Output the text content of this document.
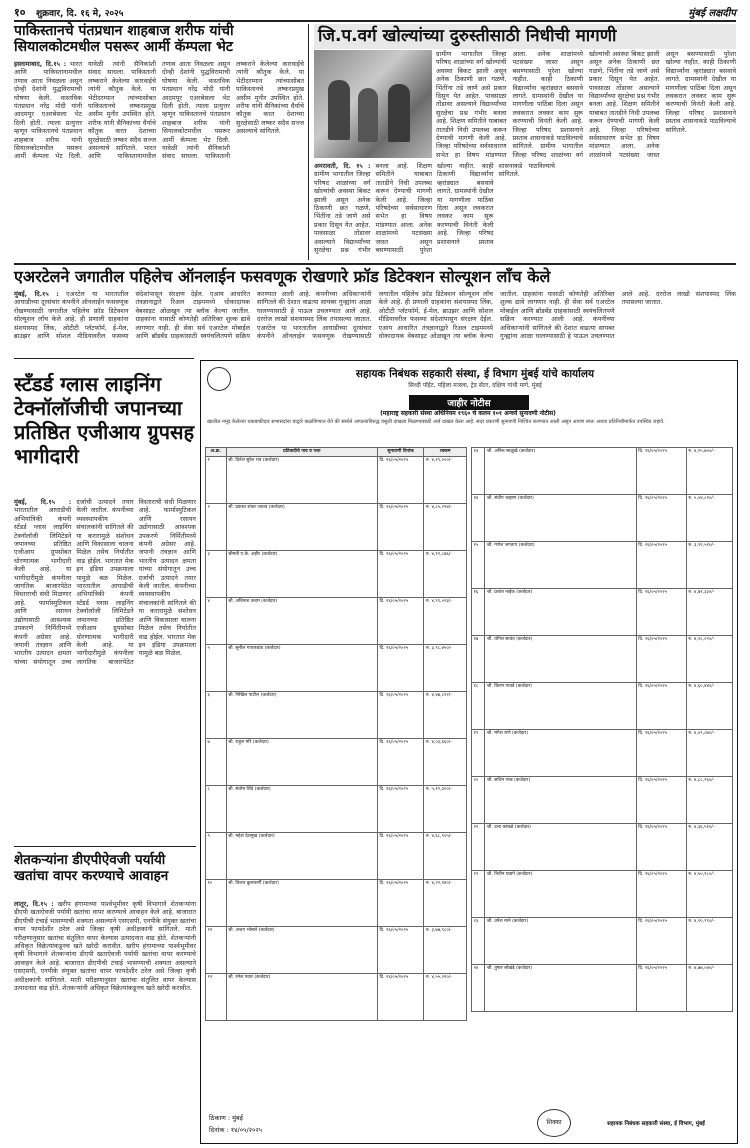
१० शुक्रवार, दि. १६ मे, २०२५	मुंबई लक्षदीप
पाकिस्तानचे पंतप्रधान शाहबाज शरीफ यांची सियालकोटमधील पसरूर आर्मी कॅम्पला भेट
इस्लामाबाद, दि.१५ : भारत आणि पाकिस्तानामधील तणाव आता निवळला असून दोन्ही देशांनी युद्धविरामाची घोषणा केली. वास्तविक पंतप्रधान नरेंद्र मोदी यांनी आदमपूर एअरबेसला भेट दिली होती. त्याला प्रत्युत्तर म्हणून पाकिस्तानचे पंतप्रधान शाहबाज शरीफ यांनी सियालकोटमधील पसरूर आर्मी कॅम्पला भेट दिली. यावेळी त्यांनी सैनिकांशी संवाद साधला. पाकिस्तानी लष्कराने केलेल्या कारवाईचे त्यांनी कौतुक केले. या भेटीदरम्यान त्यांच्यासोबत पाकिस्तानचे लष्करप्रमुख असीम मुनीर उपस्थित होते. शरीफ यांनी सैनिकांच्या धैर्याचे कौतुक करत देशाच्या सुरक्षेसाठी लष्कर सदैव सज्ज असल्याचे सांगितले. भारत आणि पाकिस्तानामधील तणाव आता निवळला असून दोन्ही देशांनी युद्धविरामाची घोषणा केली. वास्तविक पंतप्रधान नरेंद्र मोदी यांनी आदमपूर एअरबेसला भेट दिली होती. त्याला प्रत्युत्तर म्हणून पाकिस्तानचे पंतप्रधान शाहबाज शरीफ यांनी सियालकोटमधील पसरूर आर्मी कॅम्पला भेट दिली. यावेळी त्यांनी सैनिकांशी संवाद साधला. पाकिस्तानी लष्कराने केलेल्या कारवाईचे त्यांनी कौतुक केले. या भेटीदरम्यान त्यांच्यासोबत पाकिस्तानचे लष्करप्रमुख असीम मुनीर उपस्थित होते. शरीफ यांनी सैनिकांच्या धैर्याचे कौतुक करत देशाच्या सुरक्षेसाठी लष्कर सदैव सज्ज असल्याचे सांगितले.
जि.प.वर्ग खोल्यांच्या दुरुस्तीसाठी निधीची मागणी
ग्रामीण भागातील जिल्हा परिषद शाळांच्या वर्ग खोल्यांची अवस्था बिकट झाली असून अनेक ठिकाणी छत गळणे, भिंतींना तडे जाणे असे प्रकार दिसून येत आहेत. पावसाळा तोंडावर असल्याने विद्यार्थ्यांच्या सुरक्षेचा प्रश्न गंभीर बनला आहे. शिक्षण समितीने याबाबत तातडीने निधी उपलब्ध करून देण्याची मागणी केली आहे. जिल्हा परिषदेच्या सर्वसाधारण सभेत हा विषय मांडण्यात आला. अनेक शाळांमध्ये पटसंख्या जास्त असून बसण्यासाठी पुरेशा खोल्या नाहीत. काही ठिकाणी विद्यार्थ्यांना व्हरांड्यात बसवावे लागते. ग्रामस्थांनी देखील या मागणीला पाठिंबा दिला असून लवकरात लवकर काम सुरू करण्याची विनंती केली आहे. जिल्हा परिषद प्रशासनाने प्रस्ताव शासनाकडे पाठविल्याचे सांगितले. ग्रामीण भागातील जिल्हा परिषद शाळांच्या वर्ग खोल्यांची अवस्था बिकट झाली असून अनेक ठिकाणी छत गळणे, भिंतींना तडे जाणे असे प्रकार दिसून येत आहेत. पावसाळा तोंडावर असल्याने विद्यार्थ्यांच्या सुरक्षेचा प्रश्न गंभीर बनला आहे. शिक्षण समितीने याबाबत तातडीने निधी उपलब्ध करून देण्याची मागणी केली आहे. जिल्हा परिषदेच्या सर्वसाधारण सभेत हा विषय मांडण्यात आला. अनेक शाळांमध्ये पटसंख्या जास्त असून बसण्यासाठी पुरेशा खोल्या नाहीत. काही ठिकाणी विद्यार्थ्यांना व्हरांड्यात बसवावे लागते. ग्रामस्थांनी देखील या मागणीला पाठिंबा दिला असून लवकरात लवकर काम सुरू करण्याची विनंती केली आहे. जिल्हा परिषद प्रशासनाने प्रस्ताव शासनाकडे पाठविल्याचे सांगितले.
अमरावती, दि. १५ : ग्रामीण भागातील जिल्हा परिषद शाळांच्या वर्ग खोल्यांची अवस्था बिकट झाली असून अनेक ठिकाणी छत गळणे, भिंतींना तडे जाणे असे प्रकार दिसून येत आहेत. पावसाळा तोंडावर असल्याने विद्यार्थ्यांच्या सुरक्षेचा प्रश्न गंभीर बनला आहे. शिक्षण समितीने याबाबत तातडीने निधी उपलब्ध करून देण्याची मागणी केली आहे. जिल्हा परिषदेच्या सर्वसाधारण सभेत हा विषय मांडण्यात आला. अनेक शाळांमध्ये पटसंख्या जास्त असून बसण्यासाठी पुरेशा खोल्या नाहीत. काही ठिकाणी विद्यार्थ्यांना व्हरांड्यात बसवावे लागते. ग्रामस्थांनी देखील या मागणीला पाठिंबा दिला असून लवकरात लवकर काम सुरू करण्याची विनंती केली आहे. जिल्हा परिषद प्रशासनाने प्रस्ताव शासनाकडे पाठविल्याचे सांगितले.
एअरटेलने जगातील पहिलेच ऑनलाईन फसवणूक रोखणारे फ्रॉड डिटेक्शन सोल्यूशन लाँच केले
मुंबई, दि.१५ : एअरटेल या भारतातील आघाडीच्या दूरसंचार कंपनीने ऑनलाईन फसवणूक रोखण्यासाठी जगातील पहिलेच फ्रॉड डिटेक्शन सोल्यूशन लाँच केले आहे. ही प्रणाली ग्राहकांना संशयास्पद लिंक, ओटीटी प्लॅटफॉर्म, ई-मेल, ब्राउझर आणि सोशल मीडियावरील फसव्या संदेशांपासून संरक्षण देईल. एआय आधारित तंत्रज्ञानाद्वारे रिअल टाइममध्ये धोकादायक वेबसाइट ओळखून त्या ब्लॉक केल्या जातील. ग्राहकांना यासाठी कोणतेही अतिरिक्त शुल्क द्यावे लागणार नाही. ही सेवा सर्व एअरटेल मोबाईल आणि ब्रॉडबँड ग्राहकांसाठी स्वयंचलितपणे सक्रिय करण्यात आली आहे. कंपनीच्या अधिकाऱ्यांनी सांगितले की देशात वाढत्या सायबर गुन्ह्यांना आळा घालण्यासाठी हे पाऊल उचलण्यात आले आहे. दररोज लाखो संशयास्पद लिंक तपासल्या जातात. एअरटेल या भारतातील आघाडीच्या दूरसंचार कंपनीने ऑनलाईन फसवणूक रोखण्यासाठी जगातील पहिलेच फ्रॉड डिटेक्शन सोल्यूशन लाँच केले आहे. ही प्रणाली ग्राहकांना संशयास्पद लिंक, ओटीटी प्लॅटफॉर्म, ई-मेल, ब्राउझर आणि सोशल मीडियावरील फसव्या संदेशांपासून संरक्षण देईल. एआय आधारित तंत्रज्ञानाद्वारे रिअल टाइममध्ये धोकादायक वेबसाइट ओळखून त्या ब्लॉक केल्या जातील. ग्राहकांना यासाठी कोणतेही अतिरिक्त शुल्क द्यावे लागणार नाही. ही सेवा सर्व एअरटेल मोबाईल आणि ब्रॉडबँड ग्राहकांसाठी स्वयंचलितपणे सक्रिय करण्यात आली आहे. कंपनीच्या अधिकाऱ्यांनी सांगितले की देशात वाढत्या सायबर गुन्ह्यांना आळा घालण्यासाठी हे पाऊल उचलण्यात आले आहे. दररोज लाखो संशयास्पद लिंक तपासल्या जातात.
स्टँडर्ड ग्लास लाइनिंग टेक्नॉलॉजीची जपानच्या प्रतिष्ठित एजीआय ग्रुपसह भागीदारी
मुंबई, दि.१५ : भारतातील आघाडीची अभियांत्रिकी कंपनी स्टँडर्ड ग्लास लाइनिंग टेक्नॉलॉजी लिमिटेडने जपानच्या प्रतिष्ठित एजीआय ग्रुपसोबत धोरणात्मक भागीदारी केली आहे. या भागीदारीमुळे कंपनीला जागतिक बाजारपेठेत विस्ताराची संधी मिळणार आहे. फार्मास्युटिकल आणि रसायन उद्योगासाठी आवश्यक उपकरणे निर्मितीमध्ये कंपनी अग्रेसर आहे. जपानी तंत्रज्ञान आणि भारतीय उत्पादन क्षमता यांच्या संयोगातून उच्च दर्जाची उत्पादने तयार केली जातील. कंपनीच्या व्यवस्थापकीय संचालकांनी सांगितले की या करारामुळे संशोधन आणि विकासाला चालना मिळेल तसेच निर्यातीत वाढ होईल. भारतात मेक इन इंडिया उपक्रमाला यामुळे बळ मिळेल. भारतातील आघाडीची अभियांत्रिकी कंपनी स्टँडर्ड ग्लास लाइनिंग टेक्नॉलॉजी लिमिटेडने जपानच्या प्रतिष्ठित एजीआय ग्रुपसोबत धोरणात्मक भागीदारी केली आहे. या भागीदारीमुळे कंपनीला जागतिक बाजारपेठेत विस्ताराची संधी मिळणार आहे. फार्मास्युटिकल आणि रसायन उद्योगासाठी आवश्यक उपकरणे निर्मितीमध्ये कंपनी अग्रेसर आहे. जपानी तंत्रज्ञान आणि भारतीय उत्पादन क्षमता यांच्या संयोगातून उच्च दर्जाची उत्पादने तयार केली जातील. कंपनीच्या व्यवस्थापकीय संचालकांनी सांगितले की या करारामुळे संशोधन आणि विकासाला चालना मिळेल तसेच निर्यातीत वाढ होईल. भारतात मेक इन इंडिया उपक्रमाला यामुळे बळ मिळेल.
शेतकऱ्यांना डीएपीऐवजी पर्यायी खतांचा वापर करण्याचे आवाहन
लातूर, दि.१५ : खरीप हंगामाच्या पार्श्वभूमीवर कृषी विभागाने शेतकऱ्यांना डीएपी खताऐवजी पर्यायी खतांचा वापर करण्याचे आवाहन केले आहे. बाजारात डीएपीची टंचाई भासण्याची शक्यता असल्याने एसएसपी, एनपीके संयुक्त खतांचा वापर फायदेशीर ठरेल असे जिल्हा कृषी अधीक्षकांनी सांगितले. माती परीक्षणानुसार खतांचा संतुलित वापर केल्यास उत्पादनात वाढ होते. शेतकऱ्यांनी अधिकृत विक्रेत्यांकडूनच खते खरेदी करावीत. खरीप हंगामाच्या पार्श्वभूमीवर कृषी विभागाने शेतकऱ्यांना डीएपी खताऐवजी पर्यायी खतांचा वापर करण्याचे आवाहन केले आहे. बाजारात डीएपीची टंचाई भासण्याची शक्यता असल्याने एसएसपी, एनपीके संयुक्त खतांचा वापर फायदेशीर ठरेल असे जिल्हा कृषी अधीक्षकांनी सांगितले. माती परीक्षणानुसार खतांचा संतुलित वापर केल्यास उत्पादनात वाढ होते. शेतकऱ्यांनी अधिकृत विक्रेत्यांकडूनच खते खरेदी करावीत.
सहायक निबंधक सहकारी संस्था, ई विभाग मुंबई यांचे कार्यालय
सिध्दी पॉईंट, पहिला मजला, ट्रेड सेंटर, दक्षिण गांधी मार्ग, मुंबई
जाहीर नोटीस
(महाराष्ट्र सहकारी संस्था अधिनियम १९६० चे कलम १०१ अन्वये सुनावणी नोटीस)
खालील नमूद केलेल्या थकबाकीदार सभासदांना याद्वारे कळविण्यात येते की संस्थेने आपल्याविरुद्ध वसुली दाखला मिळण्यासाठी अर्ज दाखल केला आहे. सदर प्रकरणी सुनावणी निश्चित करण्यात आली असून आपण स्वतः अथवा प्रतिनिधीमार्फत उपस्थित राहावे.
अ.क्र.	प्रतिवादीचे नाव व पत्ता	सुनावणी दिनांक	रक्कम
१	श्री. दिनेश सुरेश राव (कर्जदार)	दि. २६/०५/२०२५	रु. ४,१९,०००/-
२	श्री. प्रकाश शंकर जाधव (कर्जदार)	दि. २६/०५/२०२५	रु. ४,८५,२१४/-
३	श्रीमती ए.के. अहीर (कर्जदार)	दि. २६/०५/२०२५	रु. ४,१२,८७६/-
४	श्री. अविनाश कदम (कर्जदार)	दि. २६/०५/२०२५	रु. ४,९९,०२३/-
५	श्री. सुनील गायकवाड (कर्जदार)	दि. २६/०५/२०२५	रु. ३,९८,४५०/-
६	श्री. निखिल पाटील (कर्जदार)	दि. २६/०५/२०२५	रु. ४,४७,८१२/-
७	श्री. राहुल मोरे (कर्जदार)	दि. २६/०५/२०२५	रु. ४,०३,६६०/-
८	श्री. संतोष शिंदे (कर्जदार)	दि. २६/०५/२०२५	रु. ५,१२,३००/-
९	श्री. महेश देशमुख (कर्जदार)	दि. २६/०५/२०२५	रु. ४,६८,९०५/-
१०	श्री. विजय कुलकर्णी (कर्जदार)	दि. २६/०५/२०२५	रु. ४,२२,१४०/-
११	श्री. अजय भोसले (कर्जदार)	दि. २६/०५/२०२५	रु. ३,७७,९८०/-
१२	श्री. रमेश पवार (कर्जदार)	दि. २६/०५/२०२५	रु. ४,५५,२२०/-
१३	श्री. अनिल साळुंखे (कर्जदार)	दि. २६/०५/२०२५	रु. ४,१५,७००/-
१४	श्री. संदीप चव्हाण (कर्जदार)	दि. २६/०५/२०२५	रु. ५,०४,८१०/-
१५	श्री. गणेश जगताप (कर्जदार)	दि. २६/०५/२०२५	रु. ३,९२,५१०/-
१६	श्री. प्रशांत नाईक (कर्जदार)	दि. २६/०५/२०२५	रु. ४,७१,३३०/-
१७	श्री. योगेश सावंत (कर्जदार)	दि. २६/०५/२०२५	रु. ४,२८,०९०/-
१८	श्री. किरण गावडे (कर्जदार)	दि. २६/०५/२०२५	रु. ४,६०,४४०/-
१९	श्री. मंगेश राणे (कर्जदार)	दि. २६/०५/२०२५	रु. ४,०९,८७०/-
२०	श्री. सचिन परब (कर्जदार)	दि. २६/०५/२०२५	रु. ४,८८,२६०/-
२१	श्री. दत्ता कांबळे (कर्जदार)	दि. २६/०५/२०२५	रु. ४,३६,५१०/-
२२	श्री. नितीन घाडगे (कर्जदार)	दि. २६/०५/२०२५	रु. ४,५०,१८०/-
२३	श्री. उमेश माने (कर्जदार)	दि. २६/०५/२०२५	रु. ४,२०,९९०/-
२४	श्री. तुषार लोखंडे (कर्जदार)	दि. २६/०५/२०२५	रु. ४,७७,०४०/-
ठिकाण : मुंबई
दिनांक : १४/०५/२०२५
शिक्का	सहायक निबंधक सहकारी संस्था, ई विभाग, मुंबई
